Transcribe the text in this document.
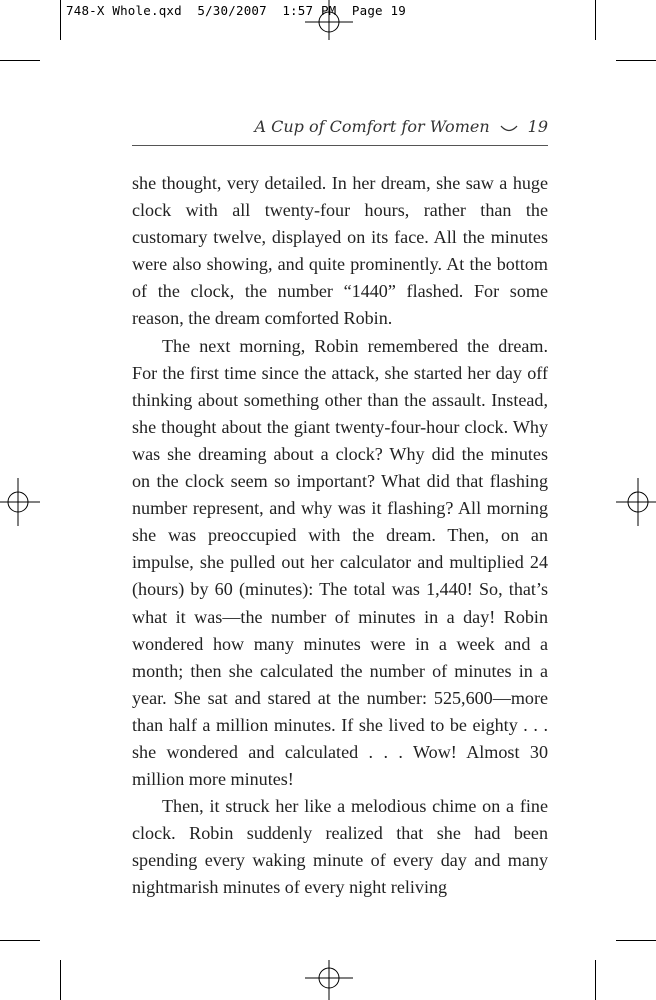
748-X Whole.qxd 5/30/2007 1:57 PM Page 19
A Cup of Comfort for Women 19

she thought, very detailed. In her dream, she saw a huge clock with all twenty-four hours, rather than the customary twelve, displayed on its face. All the minutes were also showing, and quite prominently. At the bottom of the clock, the number “1440” flashed. For some reason, the dream comforted Robin.

The next morning, Robin remembered the dream. For the first time since the attack, she started her day off thinking about something other than the assault. Instead, she thought about the giant twenty-four-hour clock. Why was she dreaming about a clock? Why did the minutes on the clock seem so important? What did that flashing number represent, and why was it flashing? All morning she was preoccupied with the dream. Then, on an impulse, she pulled out her calculator and multiplied 24 (hours) by 60 (minutes): The total was 1,440! So, that’s what it was—the number of minutes in a day! Robin wondered how many minutes were in a week and a month; then she calculated the number of minutes in a year. She sat and stared at the number: 525,600—more than half a million minutes. If she lived to be eighty . . . she wondered and calculated . . . Wow! Almost 30 million more minutes!

Then, it struck her like a melodious chime on a fine clock. Robin suddenly realized that she had been spending every waking minute of every day and many nightmarish minutes of every night reliving
